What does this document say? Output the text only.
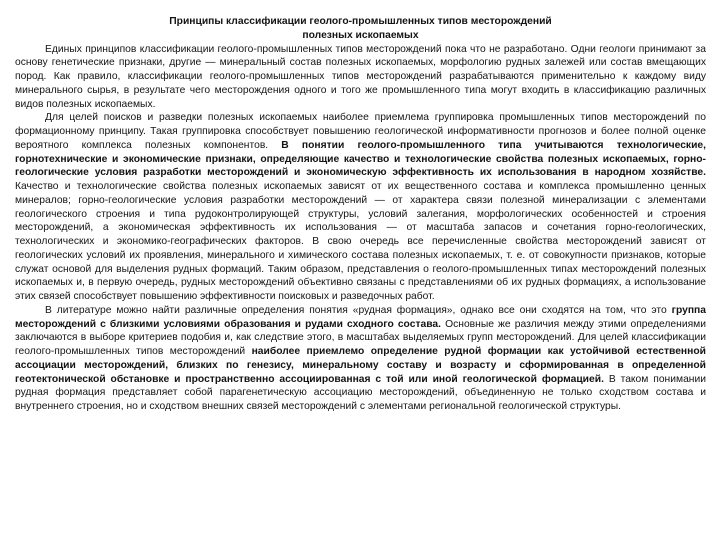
Принципы классификации геолого-промышленных типов месторождений
полезных ископаемых

Единых принципов классификации геолого-промышленных типов месторождений пока что не разработано. Одни геологи принимают за основу генетические признаки, другие — минеральный состав полезных ископаемых, морфологию рудных залежей или состав вмещающих пород. Как правило, классификации геолого-промышленных типов месторождений разрабатываются применительно к каждому виду минерального сырья, в результате чего месторождения одного и того же промышленного типа могут входить в классификацию различных видов полезных ископаемых.

Для целей поисков и разведки полезных ископаемых наиболее приемлема группировка промышленных типов месторождений по формационному принципу. Такая группировка способствует повышению геологической информативности прогнозов и более полной оценке вероятного комплекса полезных компонентов. В понятии геолого-промышленного типа учитываются технологические, горнотехнические и экономические признаки, определяющие качество и технологические свойства полезных ископаемых, горно-геологические условия разработки месторождений и экономическую эффективность их использования в народном хозяйстве. Качество и технологические свойства полезных ископаемых зависят от их вещественного состава и комплекса промышленно ценных минералов; горно-геологические условия разработки месторождений — от характера связи полезной минерализации с элементами геологического строения и типа рудоконтролирующей структуры, условий залегания, морфологических особенностей и строения месторождений, а экономическая эффективность их использования — от масштаба запасов и сочетания горно-геологических, технологических и экономико-географических факторов. В свою очередь все перечисленные свойства месторождений зависят от геологических условий их проявления, минерального и химического состава полезных ископаемых, т. е. от совокупности признаков, которые служат основой для выделения рудных формаций. Таким образом, представления о геолого-промышленных типах месторождений полезных ископаемых и, в первую очередь, рудных месторождений объективно связаны с представлениями об их рудных формациях, а использование этих связей способствует повышению эффективности поисковых и разведочных работ.

В литературе можно найти различные определения понятия «рудная формация», однако все они сходятся на том, что это группа месторождений с близкими условиями образования и рудами сходного состава. Основные же различия между этими определениями заключаются в выборе критериев подобия и, как следствие этого, в масштабах выделяемых групп месторождений. Для целей классификации геолого-промышленных типов месторождений наиболее приемлемо определение рудной формации как устойчивой естественной ассоциации месторождений, близких по генезису, минеральному составу и возрасту и сформированная в определенной геотектонической обстановке и пространственно ассоциированная с той или иной геологической формацией. В таком понимании рудная формация представляет собой парагенетическую ассоциацию месторождений, объединенную не только сходством состава и внутреннего строения, но и сходством внешних связей месторождений с элементами региональной геологической структуры.
